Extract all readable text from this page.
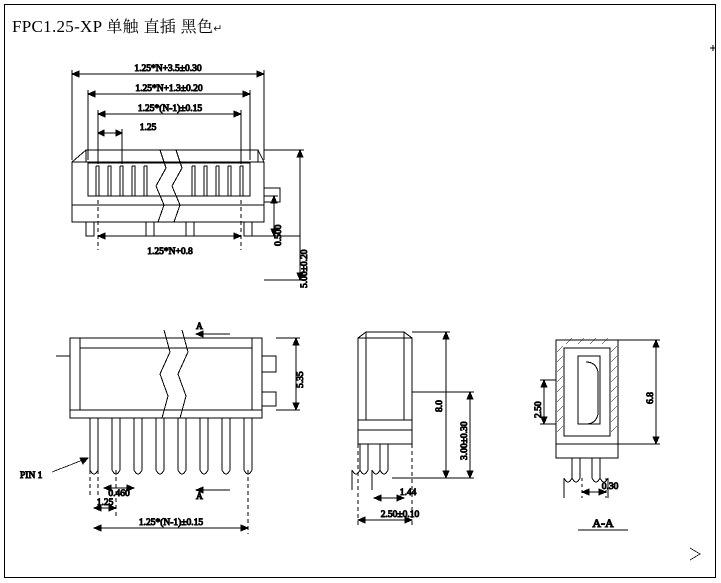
FPC1.25-XP 单触 直插 黑色↵
1.25*N+3.5±0.30
1.25*N+1.3±0.20
1.25*(N-1)±0.15
1.25
1.25*N+0.8
0.500
5.00±0.20
A
A
5.35
0.460
1.25
1.25*(N-1)±0.15
PIN 1
8.0
3.00±0.30
1.44
2.50±0.10
2.50
6.8
0.30
A-A
